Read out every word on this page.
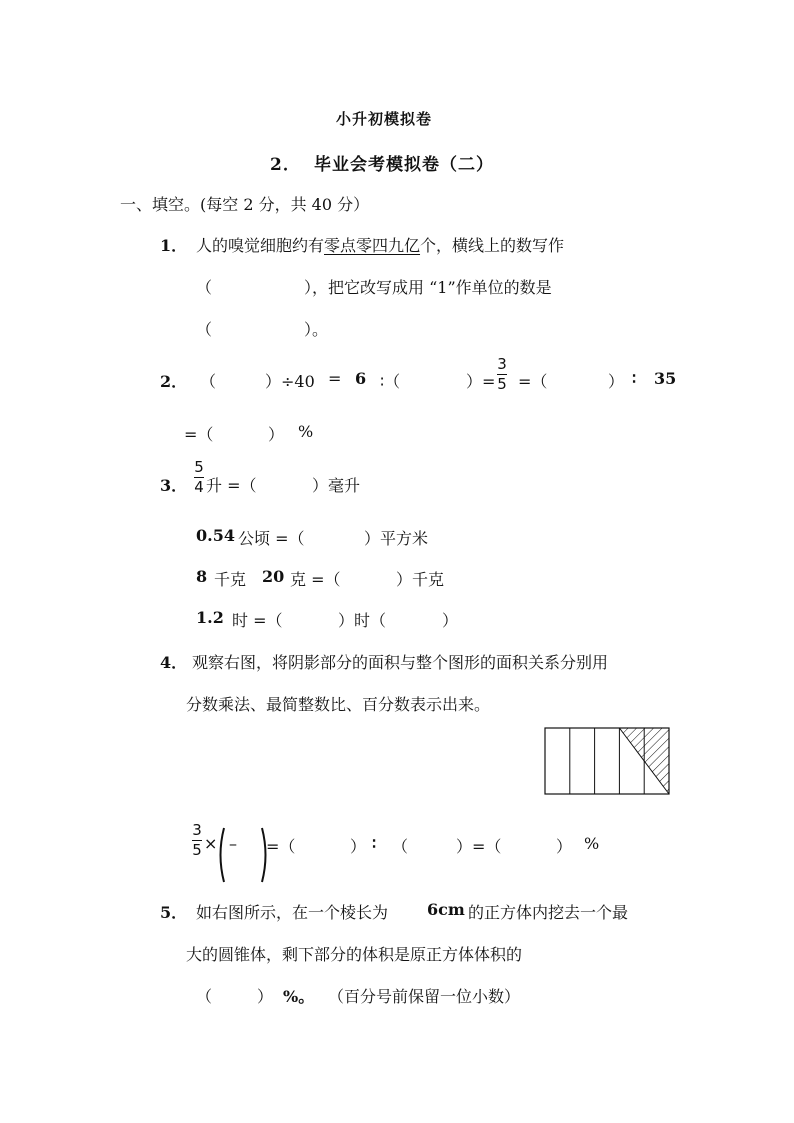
小升初模拟卷
2． 毕业会考模拟卷（二）
一、填空。(每空 2 分，共 40 分）
1． 人的嗅觉细胞约有零点零四九亿个，横线上的数写作
（	），把它改写成用 “1”作单位的数是
（	）。
2． （	）÷40 = 6 ∶（	）=
3
5 =（	） ∶ 35
=（	） %
3．
5
4 升 =（	）毫升
0.54 公顷 =（	）平方米
8 千克 20 克 =（	）千克
1.2 时 =（	）时（	）
4． 观察右图，将阴影部分的面积与整个图形的面积关系分别用
分数乘法、最简整数比、百分数表示出来。
3
5 × – =（	） ∶ （	）=（	） %
5． 如右图所示，在一个棱长为 6cm 的正方体内挖去一个最
大的圆锥体，剩下部分的体积是原正方体体积的
（	） %。 （百分号前保留一位小数）
